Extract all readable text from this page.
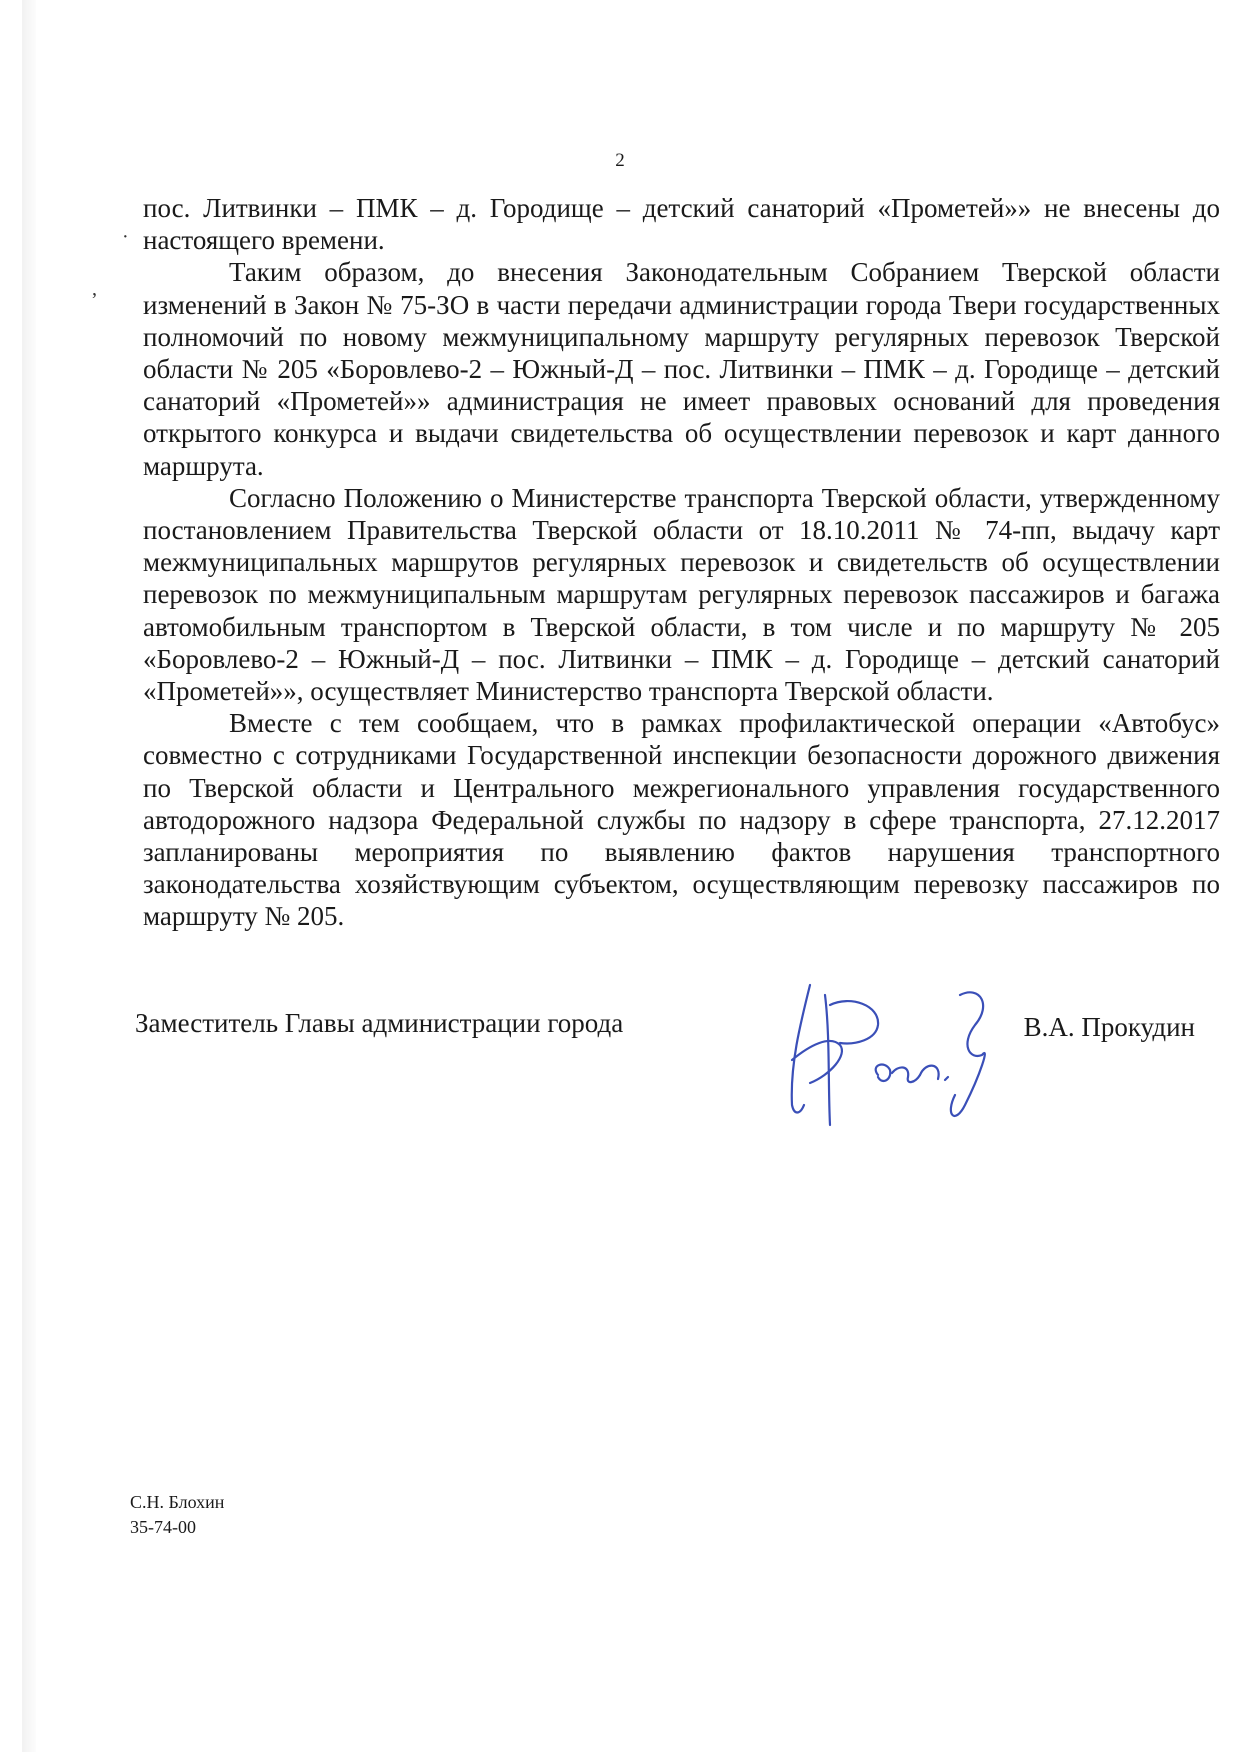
·
,
2

пос. Литвинки – ПМК – д. Городище – детский санаторий «Прометей»» не внесены до настоящего времени.

Таким образом, до внесения Законодательным Собранием Тверской области изменений в Закон № 75-ЗО в части передачи администрации города Твери государственных полномочий по новому межмуниципальному маршруту регулярных перевозок Тверской области № 205 «Боровлево-2 – Южный-Д – пос. Литвинки – ПМК – д. Городище – детский санаторий «Прометей»» администрация не имеет правовых оснований для проведения открытого конкурса и выдачи свидетельства об осуществлении перевозок и карт данного маршрута.

Согласно Положению о Министерстве транспорта Тверской области, утвержденному постановлением Правительства Тверской области от 18.10.2011 № 74-пп, выдачу карт межмуниципальных маршрутов регулярных перевозок и свидетельств об осуществлении перевозок по межмуниципальным маршрутам регулярных перевозок пассажиров и багажа автомобильным транспортом в Тверской области, в том числе и по маршруту № 205 «Боровлево-2 – Южный-Д – пос. Литвинки – ПМК – д. Городище – детский санаторий «Прометей»», осуществляет Министерство транспорта Тверской области.

Вместе с тем сообщаем, что в рамках профилактической операции «Автобус» совместно с сотрудниками Государственной инспекции безопасности дорожного движения по Тверской области и Центрального межрегионального управления государственного автодорожного надзора Федеральной службы по надзору в сфере транспорта, 27.12.2017 запланированы мероприятия по выявлению фактов нарушения транспортного законодательства хозяйствующим субъектом, осуществляющим перевозку пассажиров по маршруту № 205.

Заместитель Главы администрации города	В.А. Прокудин
С.Н. Блохин
35-74-00
